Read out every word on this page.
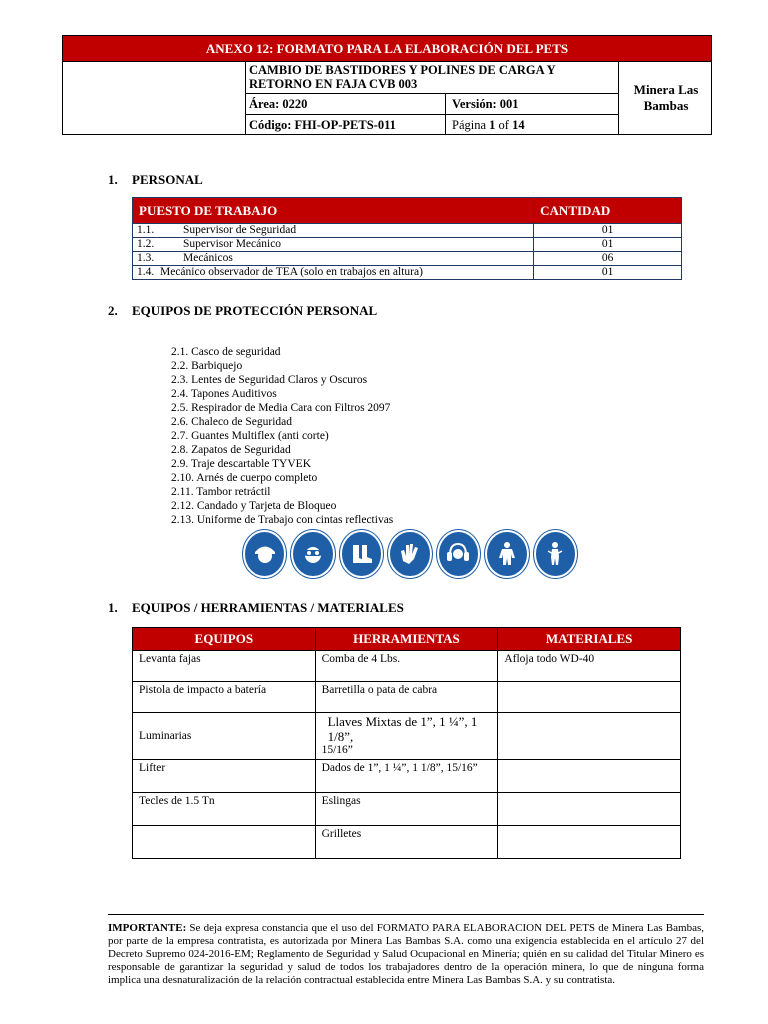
ANEXO 12: FORMATO PARA LA ELABORACIÓN DEL PETS
CAMBIO DE BASTIDORES Y POLINES DE CARGA Y RETORNO EN FAJA CVB 003
Área: 0220	Versión: 001
Código: FHI-OP-PETS-011	Página 1 of 14
Minera Las Bambas
1. PERSONAL
PUESTO DE TRABAJO	CANTIDAD
1.1. Supervisor de Seguridad	01
1.2. Supervisor Mecánico	01
1.3. Mecánicos	06
1.4. Mecánico observador de TEA (solo en trabajos en altura)	01
2. EQUIPOS DE PROTECCIÓN PERSONAL
2.1. Casco de seguridad
2.2. Barbiquejo
2.3. Lentes de Seguridad Claros y Oscuros
2.4. Tapones Auditivos
2.5. Respirador de Media Cara con Filtros 2097
2.6. Chaleco de Seguridad
2.7. Guantes Multiflex (anti corte)
2.8. Zapatos de Seguridad
2.9. Traje descartable TYVEK
2.10. Arnés de cuerpo completo
2.11. Tambor retráctil
2.12. Candado y Tarjeta de Bloqueo
2.13. Uniforme de Trabajo con cintas reflectivas
1. EQUIPOS / HERRAMIENTAS / MATERIALES
EQUIPOS	HERRAMIENTAS	MATERIALES
Levanta fajas	Comba de 4 Lbs.	Afloja todo WD-40
Pistola de impacto a batería	Barretilla o pata de cabra	
Luminarias	Llaves Mixtas de 1”, 1 ¼”, 1 1/8”,
15/16”	

Lifter	Dados de 1”, 1 ¼”, 1 1/8”, 15/16”	
Tecles de 1.5 Tn	Eslingas	
	Grilletes	
IMPORTANTE: Se deja expresa constancia que el uso del FORMATO PARA ELABORACION DEL PETS de Minera Las Bambas, por parte de la empresa contratista, es autorizada por Minera Las Bambas S.A. como una exigencia establecida en el artículo 27 del Decreto Supremo 024-2016-EM; Reglamento de Seguridad y Salud Ocupacional en Minería; quién en su calidad del Titular Minero es responsable de garantizar la seguridad y salud de todos los trabajadores dentro de la operación minera, lo que de ninguna forma implica una desnaturalización de la relación contractual establecida entre Minera Las Bambas S.A. y su contratista.
